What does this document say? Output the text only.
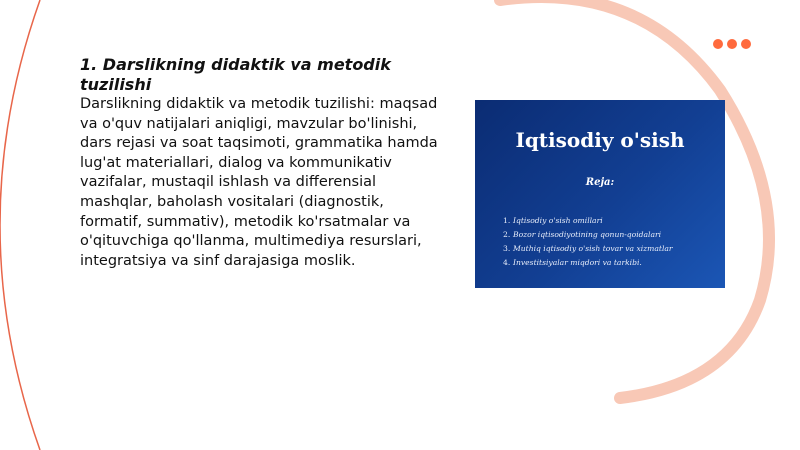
1. Darslikning didaktik va metodik tuzilishi

Darslikning didaktik va metodik tuzilishi: maqsad va o'quv natijalari aniqligi, mavzular bo'linishi, dars rejasi va soat taqsimoti, grammatika hamda lug'at materiallari, dialog va kommunikativ vazifalar, mustaqil ishlash va differensial mashqlar, baholash vositalari (diagnostik, formatif, summativ), metodik ko'rsatmalar va o'qituvchiga qo'llanma, multimediya resurslari, integratsiya va sinf darajasiga moslik.

Iqtisodiy o'sish
Reja:
1. Iqtisodiy o'sish omillari
2. Bozor iqtisodiyotining qonun-qoidalari
3. Muthiq iqtisodiy o'sish tovar va xizmatlar
4. Investitsiyalar miqdori va tarkibi.
